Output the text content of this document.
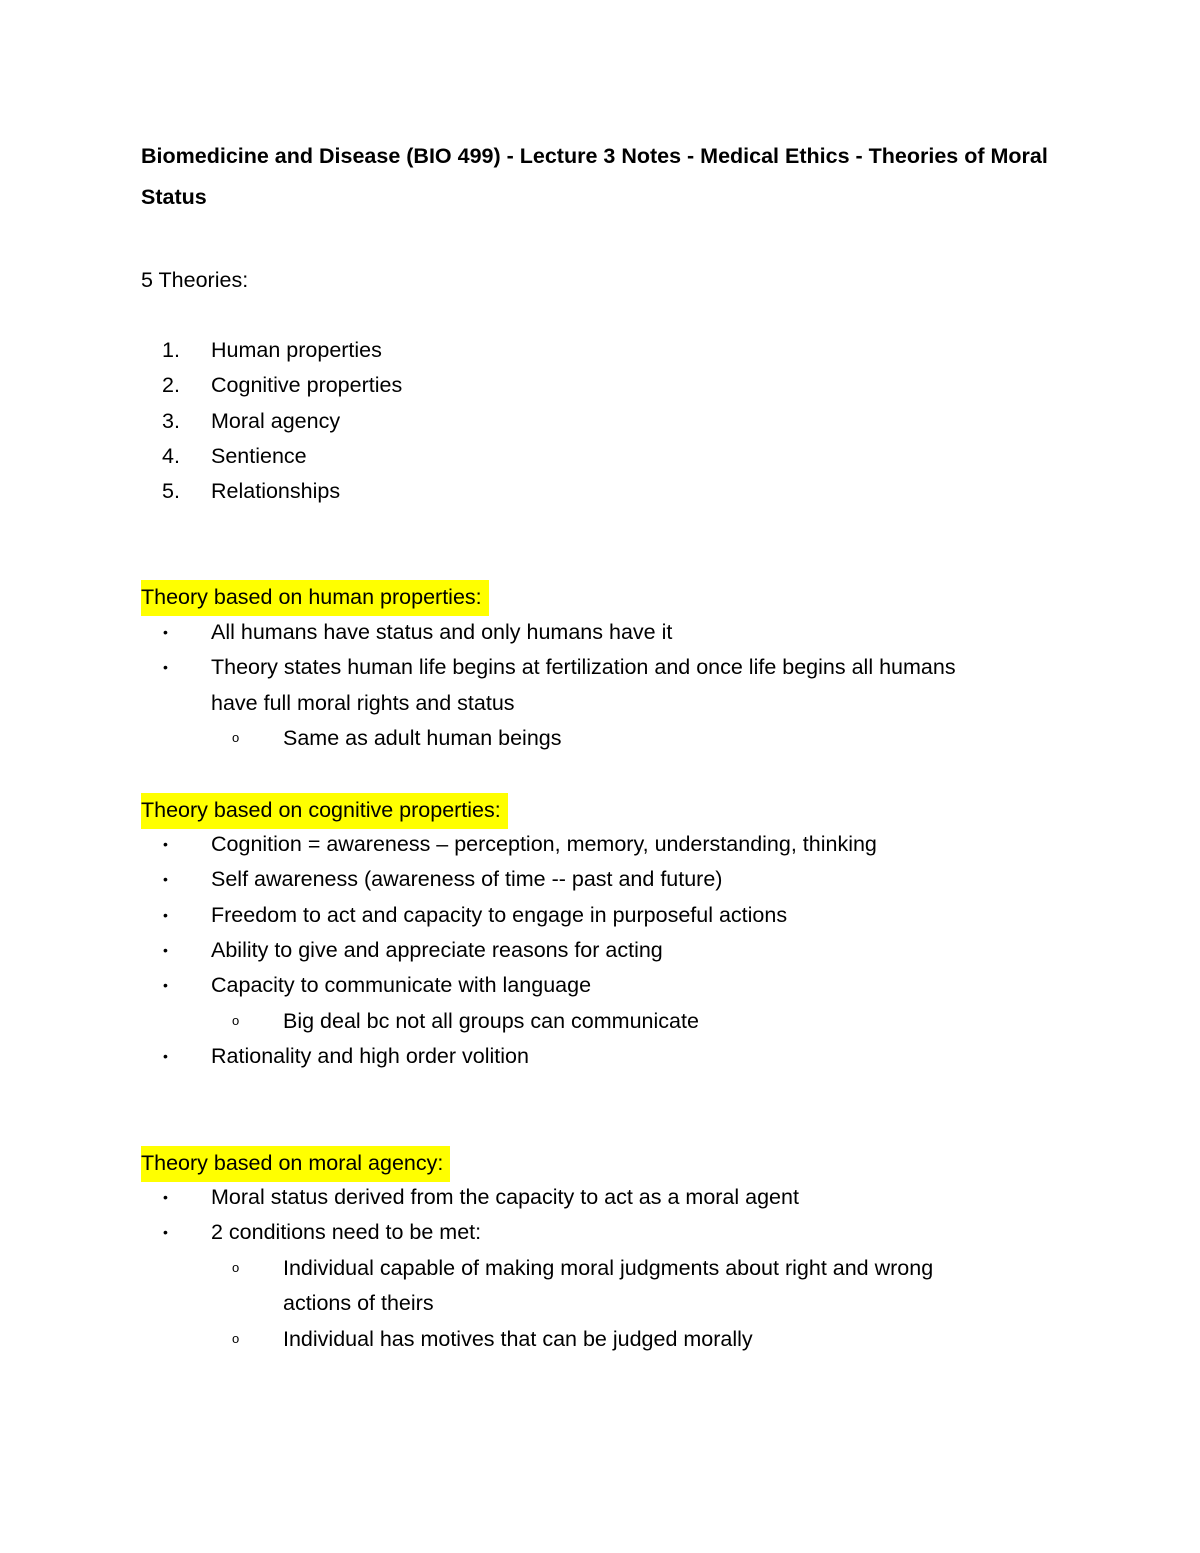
Biomedicine and Disease (BIO 499) - Lecture 3 Notes - Medical Ethics - Theories of Moral Status

5 Theories:

1. Human properties
2. Cognitive properties
3. Moral agency
4. Sentience
5. Relationships

Theory based on human properties:

• All humans have status and only humans have it
• Theory states human life begins at fertilization and once life begins all humans
have full moral rights and status
o Same as adult human beings

Theory based on cognitive properties:

• Cognition = awareness – perception, memory, understanding, thinking
• Self awareness (awareness of time -- past and future)
• Freedom to act and capacity to engage in purposeful actions
• Ability to give and appreciate reasons for acting
• Capacity to communicate with language
o Big deal bc not all groups can communicate
• Rationality and high order volition

Theory based on moral agency:

• Moral status derived from the capacity to act as a moral agent
• 2 conditions need to be met:
o Individual capable of making moral judgments about right and wrong
actions of theirs
o Individual has motives that can be judged morally
